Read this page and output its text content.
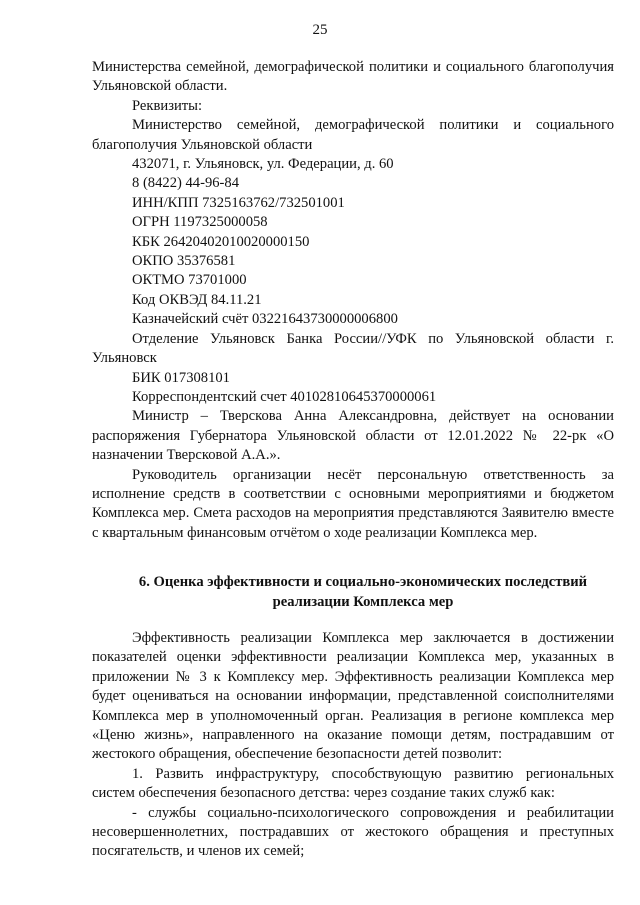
25

Министерства семейной, демографической политики и социального благополучия Ульяновской области.

Реквизиты:

Министерство семейной, демографической политики и социального благополучия Ульяновской области

432071, г. Ульяновск, ул. Федерации, д. 60

8 (8422) 44-96-84

ИНН/КПП 7325163762/732501001

ОГРН 1197325000058

КБК 26420402010020000150

ОКПО 35376581

ОКТМО 73701000

Код ОКВЭД 84.11.21

Казначейский счёт 03221643730000006800

Отделение Ульяновск Банка России//УФК по Ульяновской области г. Ульяновск

БИК 017308101

Корреспондентский счет 40102810645370000061

Министр – Тверскова Анна Александровна, действует на основании распоряжения Губернатора Ульяновской области от 12.01.2022 № 22-рк «О назначении Тверсковой А.А.».

Руководитель организации несёт персональную ответственность за исполнение средств в соответствии с основными мероприятиями и бюджетом Комплекса мер. Смета расходов на мероприятия представляются Заявителю вместе с квартальным финансовым отчётом о ходе реализации Комплекса мер.

6. Оценка эффективности и социально-экономических последствий реализации Комплекса мер

Эффективность реализации Комплекса мер заключается в достижении показателей оценки эффективности реализации Комплекса мер, указанных в приложении № 3 к Комплексу мер. Эффективность реализации Комплекса мер будет оцениваться на основании информации, представленной соисполнителями Комплекса мер в уполномоченный орган. Реализация в регионе комплекса мер «Ценю жизнь», направленного на оказание помощи детям, пострадавшим от жестокого обращения, обеспечение безопасности детей позволит:

1. Развить инфраструктуру, способствующую развитию региональных систем обеспечения безопасного детства: через создание таких служб как:

- службы социально-психологического сопровождения и реабилитации несовершеннолетних, пострадавших от жестокого обращения и преступных посягательств, и членов их семей;
